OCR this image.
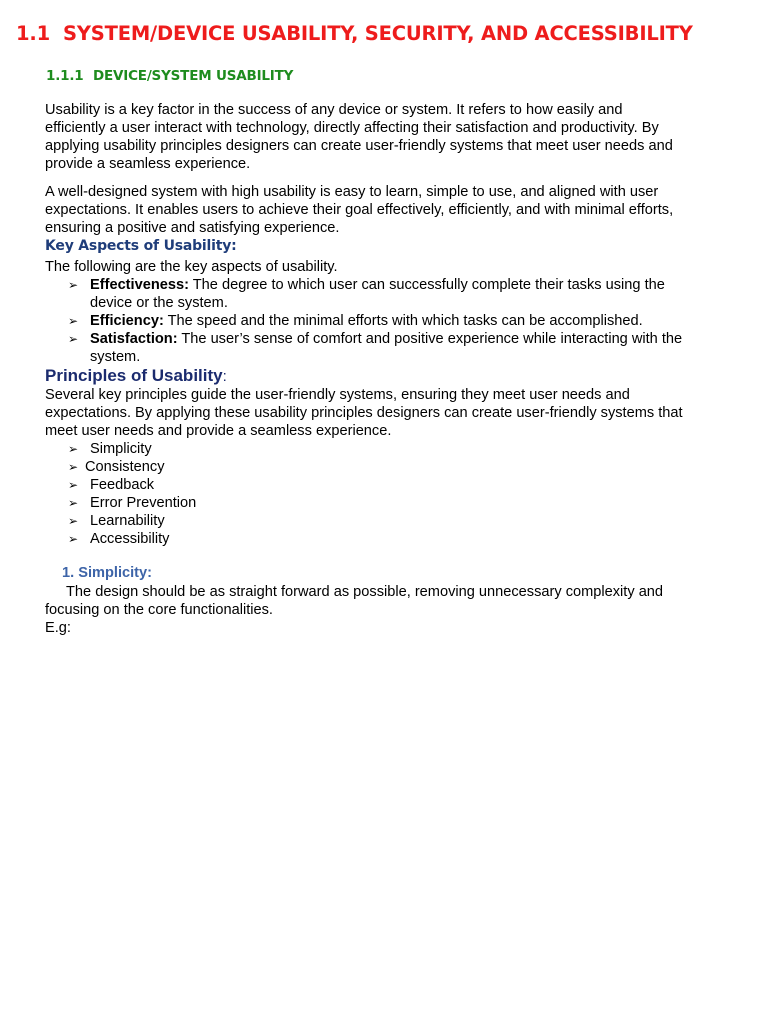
1.1 SYSTEM/DEVICE USABILITY, SECURITY, AND ACCESSIBILITY
1.1.1 DEVICE/SYSTEM USABILITY

Usability is a key factor in the success of any device or system. It refers to how easily and efficiently a user interact with technology, directly affecting their satisfaction and productivity. By applying usability principles designers can create user-friendly systems that meet user needs and provide a seamless experience.

A well-designed system with high usability is easy to learn, simple to use, and aligned with user expectations. It enables users to achieve their goal effectively, efficiently, and with minimal efforts, ensuring a positive and satisfying experience.

Key Aspects of Usability:

The following are the key aspects of usability.

➢ Effectiveness: The degree to which user can successfully complete their tasks using the device or the system.
➢ Efficiency: The speed and the minimal efforts with which tasks can be accomplished.
➢ Satisfaction: The user’s sense of comfort and positive experience while interacting with the system.
Principles of Usability:

Several key principles guide the user-friendly systems, ensuring they meet user needs and expectations. By applying these usability principles designers can create user-friendly systems that meet user needs and provide a seamless experience.

➢ Simplicity
➢ Consistency
➢ Feedback
➢ Error Prevention
➢ Learnability
➢ Accessibility
1. Simplicity:

The design should be as straight forward as possible, removing unnecessary complexity and focusing on the core functionalities.

E.g:
